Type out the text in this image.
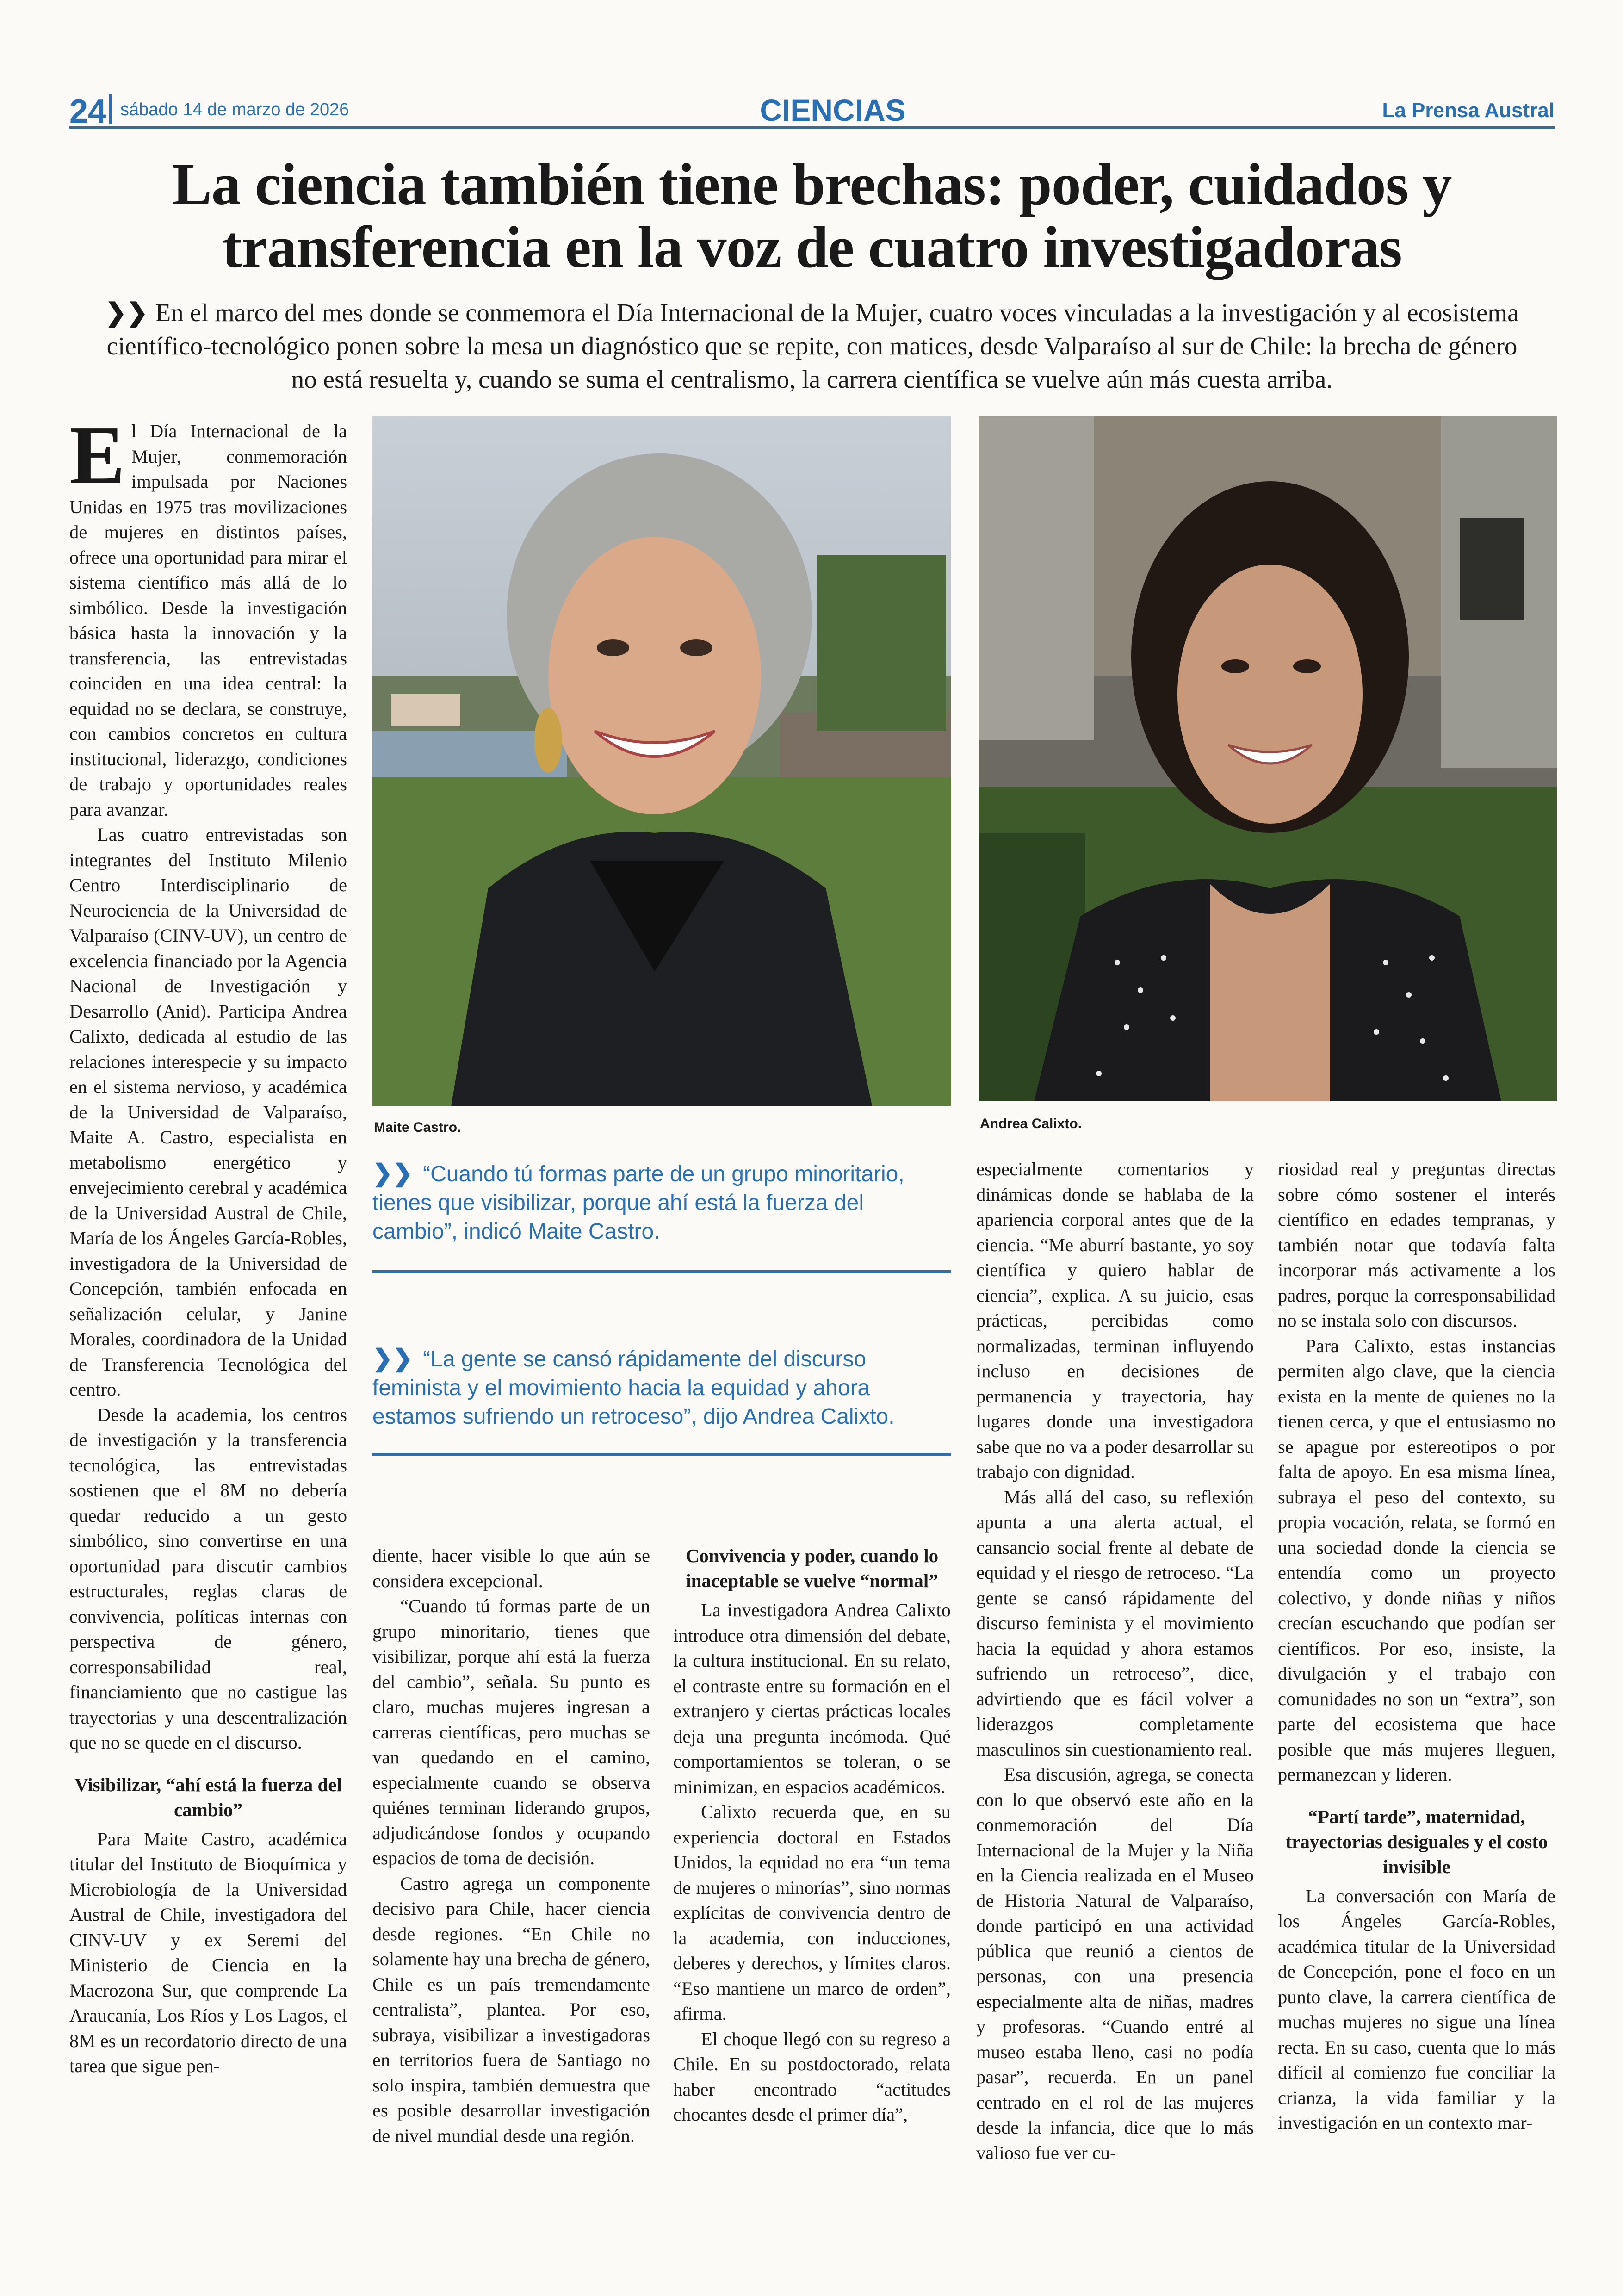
24 sábado 14 de marzo de 2026	CIENCIAS	La Prensa Austral
La ciencia también tiene brechas: poder, cuidados y transferencia en la voz de cuatro investigadoras

❯❯ En el marco del mes donde se conmemora el Día Internacional de la Mujer, cuatro voces vinculadas a la investigación y al ecosistema científico-tecnológico ponen sobre la mesa un diagnóstico que se repite, con matices, desde Valparaíso al sur de Chile: la brecha de género no está resuelta y, cuando se suma el centralismo, la carrera científica se vuelve aún más cuesta arriba.

Maite Castro.	Andrea Calixto.
❯❯ “Cuando tú formas parte de un grupo minoritario, tienes que visibilizar, porque ahí está la fuerza del cambio”, indicó Maite Castro.
❯❯ “La gente se cansó rápidamente del discurso feminista y el movimiento hacia la equidad y ahora estamos sufriendo un retroceso”, dijo Andrea Calixto.
E l Día Internacional de la Mujer, conmemoración impulsada por Naciones Unidas en 1975 tras movilizaciones de mujeres en distintos países, ofrece una oportunidad para mirar el sistema científico más allá de lo simbólico. Desde la investigación básica hasta la innovación y la transferencia, las entrevistadas coinciden en una idea central: la equidad no se declara, se construye, con cambios concretos en cultura institucional, liderazgo, condiciones de trabajo y oportunidades reales para avanzar.

Las cuatro entrevistadas son integrantes del Instituto Milenio Centro Interdisciplinario de Neurociencia de la Universidad de Valparaíso (CINV-UV), un centro de excelencia financiado por la Agencia Nacional de Investigación y Desarrollo (Anid). Participa Andrea Calixto, dedicada al estudio de las relaciones interespecie y su impacto en el sistema nervioso, y académica de la Universidad de Valparaíso, Maite A. Castro, especialista en metabolismo energético y envejecimiento cerebral y académica de la Universidad Austral de Chile, María de los Ángeles García-Robles, investigadora de la Universidad de Concepción, también enfocada en señalización celular, y Janine Morales, coordinadora de la Unidad de Transferencia Tecnológica del centro.

Desde la academia, los centros de investigación y la transferencia tecnológica, las entrevistadas sostienen que el 8M no debería quedar reducido a un gesto simbólico, sino convertirse en una oportunidad para discutir cambios estructurales, reglas claras de convivencia, políticas internas con perspectiva de género, corresponsabilidad real, financiamiento que no castigue las trayectorias y una descentralización que no se quede en el discurso.

Visibilizar, “ahí está la fuerza del cambio”

Para Maite Castro, académica titular del Instituto de Bioquímica y Microbiología de la Universidad Austral de Chile, investigadora del CINV-UV y ex Seremi del Ministerio de Ciencia en la Macrozona Sur, que comprende La Araucanía, Los Ríos y Los Lagos, el 8M es un recordatorio directo de una tarea que sigue pen-

diente, hacer visible lo que aún se considera excepcional.

“Cuando tú formas parte de un grupo minoritario, tienes que visibilizar, porque ahí está la fuerza del cambio”, señala. Su punto es claro, muchas mujeres ingresan a carreras científicas, pero muchas se van quedando en el camino, especialmente cuando se observa quiénes terminan liderando grupos, adjudicándose fondos y ocupando espacios de toma de decisión.

Castro agrega un componente decisivo para Chile, hacer ciencia desde regiones. “En Chile no solamente hay una brecha de género, Chile es un país tremendamente centralista”, plantea. Por eso, subraya, visibilizar a investigadoras en territorios fuera de Santiago no solo inspira, también demuestra que es posible desarrollar investigación de nivel mundial desde una región.

Convivencia y poder, cuando lo inaceptable se vuelve “normal”

La investigadora Andrea Calixto introduce otra dimensión del debate, la cultura institucional. En su relato, el contraste entre su formación en el extranjero y ciertas prácticas locales deja una pregunta incómoda. Qué comportamientos se toleran, o se minimizan, en espacios académicos.

Calixto recuerda que, en su experiencia doctoral en Estados Unidos, la equidad no era “un tema de mujeres o minorías”, sino normas explícitas de convivencia dentro de la academia, con inducciones, deberes y derechos, y límites claros. “Eso mantiene un marco de orden”, afirma.

El choque llegó con su regreso a Chile. En su postdoctorado, relata haber encontrado “actitudes chocantes desde el primer día”,

especialmente comentarios y dinámicas donde se hablaba de la apariencia corporal antes que de la ciencia. “Me aburrí bastante, yo soy científica y quiero hablar de ciencia”, explica. A su juicio, esas prácticas, percibidas como normalizadas, terminan influyendo incluso en decisiones de permanencia y trayectoria, hay lugares donde una investigadora sabe que no va a poder desarrollar su trabajo con dignidad.

Más allá del caso, su reflexión apunta a una alerta actual, el cansancio social frente al debate de equidad y el riesgo de retroceso. “La gente se cansó rápidamente del discurso feminista y el movimiento hacia la equidad y ahora estamos sufriendo un retroceso”, dice, advirtiendo que es fácil volver a liderazgos completamente masculinos sin cuestionamiento real.

Esa discusión, agrega, se conecta con lo que observó este año en la conmemoración del Día Internacional de la Mujer y la Niña en la Ciencia realizada en el Museo de Historia Natural de Valparaíso, donde participó en una actividad pública que reunió a cientos de personas, con una presencia especialmente alta de niñas, madres y profesoras. “Cuando entré al museo estaba lleno, casi no podía pasar”, recuerda. En un panel centrado en el rol de las mujeres desde la infancia, dice que lo más valioso fue ver cu-

riosidad real y preguntas directas sobre cómo sostener el interés científico en edades tempranas, y también notar que todavía falta incorporar más activamente a los padres, porque la corresponsabilidad no se instala solo con discursos.

Para Calixto, estas instancias permiten algo clave, que la ciencia exista en la mente de quienes no la tienen cerca, y que el entusiasmo no se apague por estereotipos o por falta de apoyo. En esa misma línea, subraya el peso del contexto, su propia vocación, relata, se formó en una sociedad donde la ciencia se entendía como un proyecto colectivo, y donde niñas y niños crecían escuchando que podían ser científicos. Por eso, insiste, la divulgación y el trabajo con comunidades no son un “extra”, son parte del ecosistema que hace posible que más mujeres lleguen, permanezcan y lideren.

“Partí tarde”, maternidad, trayectorias desiguales y el costo invisible

La conversación con María de los Ángeles García-Robles, académica titular de la Universidad de Concepción, pone el foco en un punto clave, la carrera científica de muchas mujeres no sigue una línea recta. En su caso, cuenta que lo más difícil al comienzo fue conciliar la crianza, la vida familiar y la investigación en un contexto mar-
